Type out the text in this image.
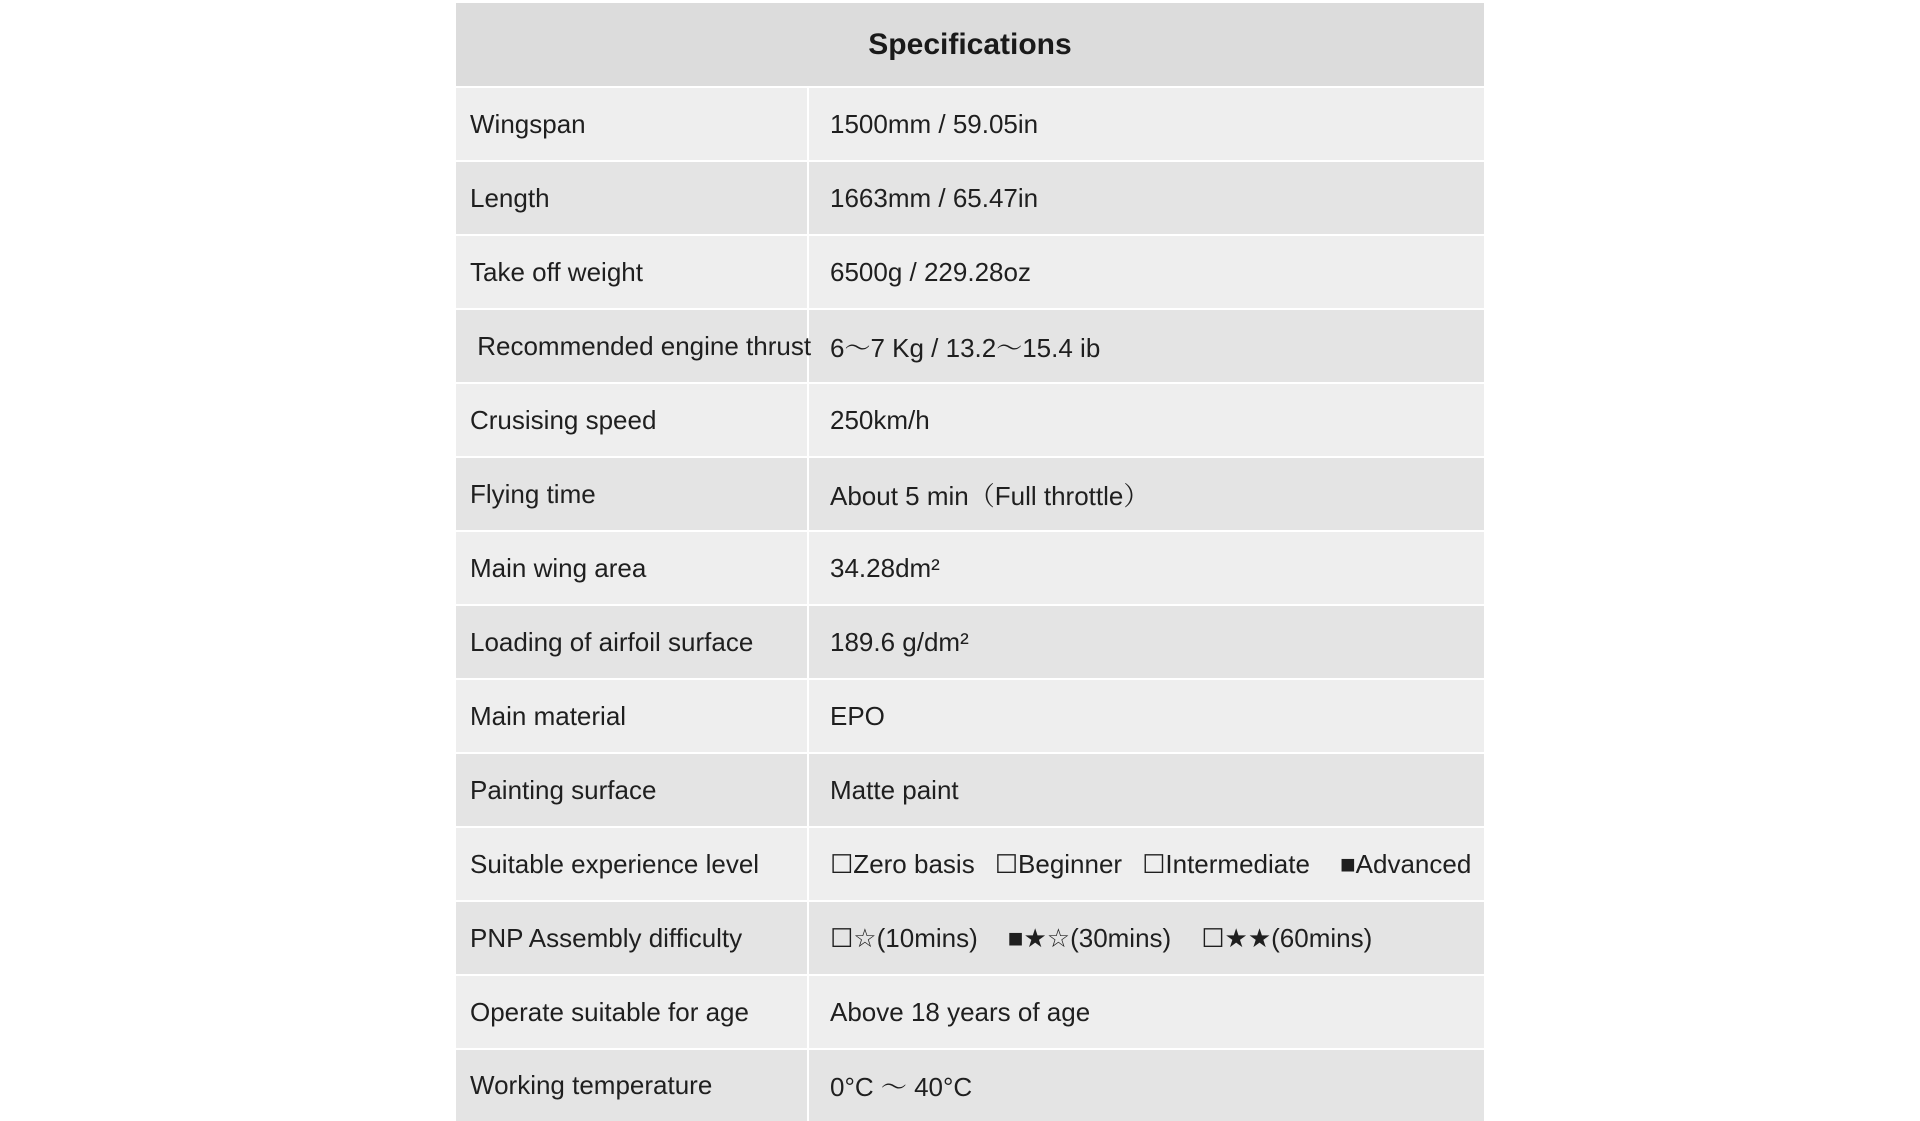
Specifications
Wingspan	1500mm / 59.05in
Length	1663mm / 65.47in
Take off weight	6500g / 229.28oz
Recommended engine thrust 6～7 Kg / 13.2～15.4 ib
Crusising speed	250km/h
Flying time	About 5 min（Full throttle）
Main wing area	34.28dm²
Loading of airfoil surface	189.6 g/dm²
Main material	EPO
Painting surface	Matte paint
Suitable experience level	☐Zero basis ☐Beginner ☐Intermediate ■Advanced
PNP Assembly difficulty	☐☆(10mins) ■★☆(30mins) ☐★★(60mins)
Operate suitable for age	Above 18 years of age
Working temperature	0°C ～ 40°C
